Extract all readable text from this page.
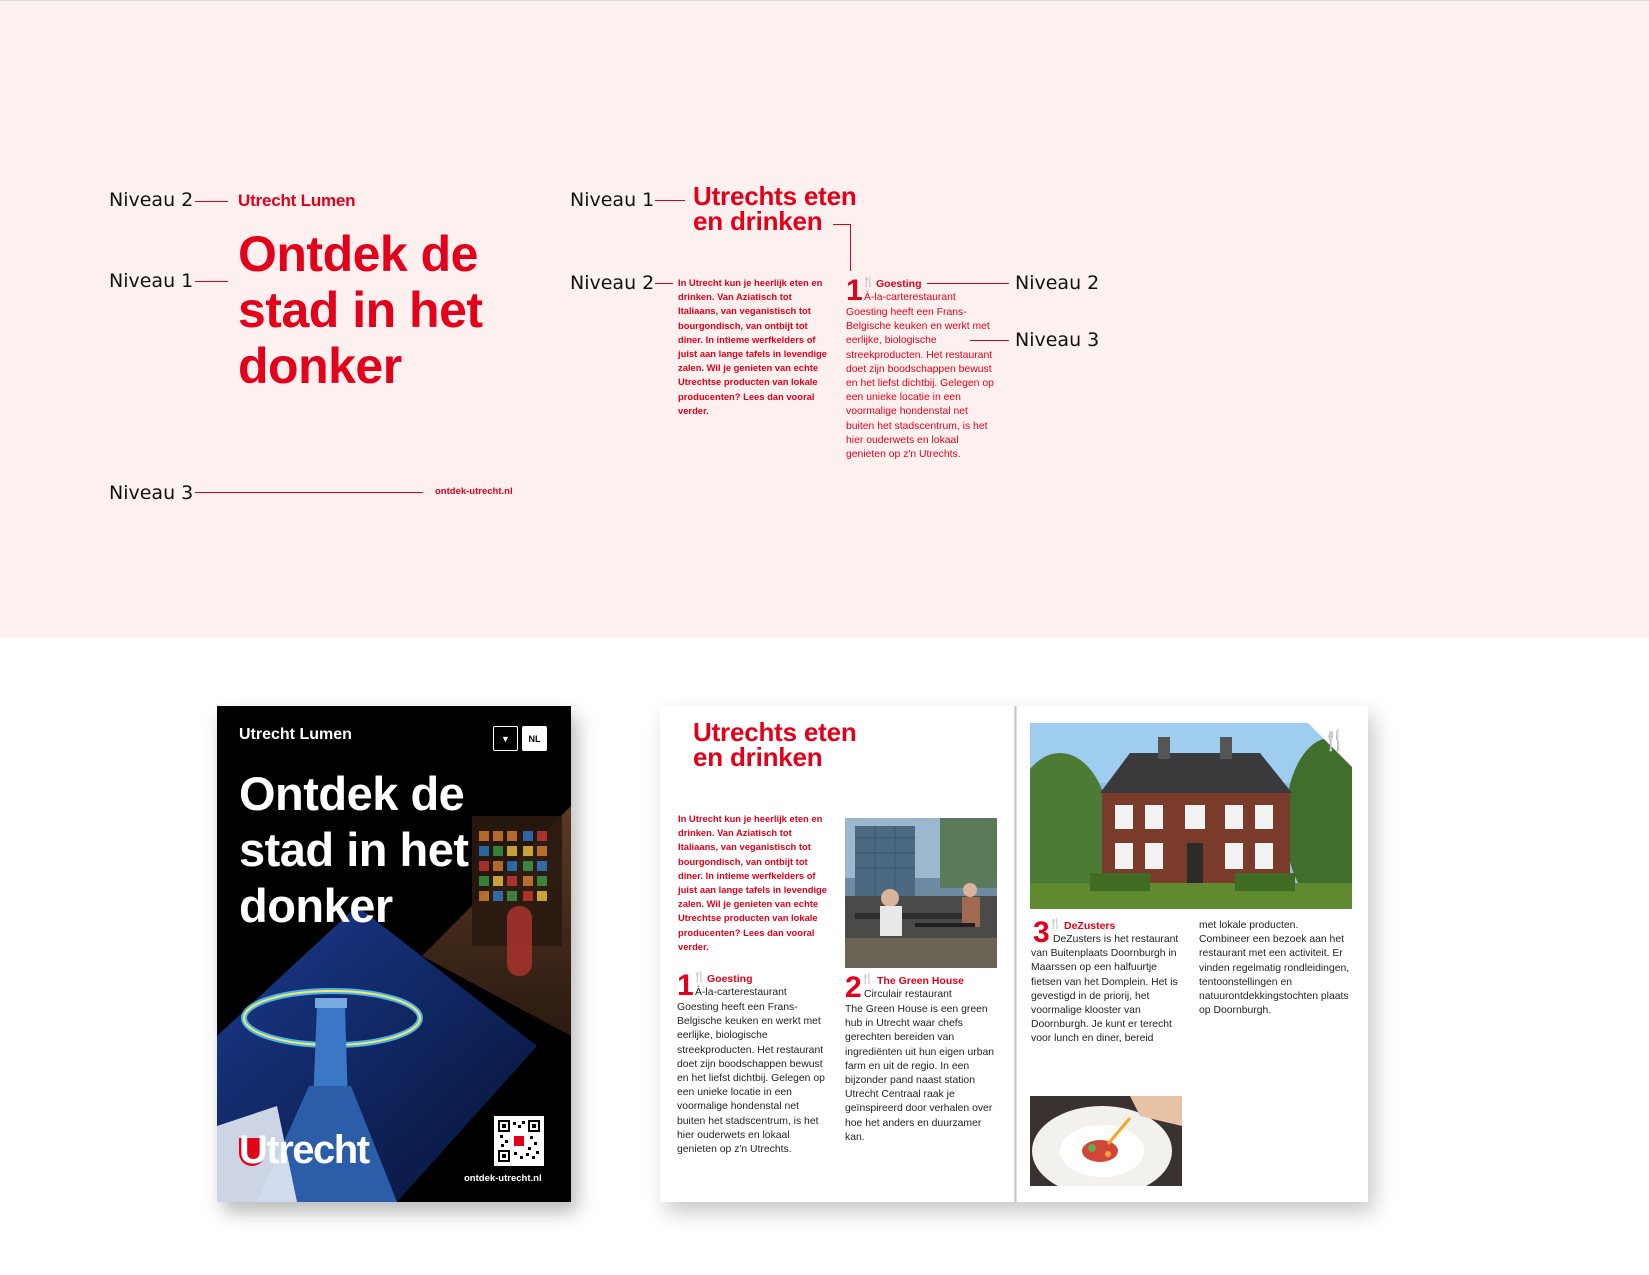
Niveau 2	Utrecht Lumen
Niveau 1 Ontdek de stad in het donker
Niveau 3	ontdek-utrecht.nl
Niveau 1 Utrechts eten
en drinken
Niveau 2	In Utrecht kun je heerlijk eten en drinken. Van Aziatisch tot Italiaans, van veganistisch tot bourgondisch, van ontbijt tot diner. In intieme werfkelders of juist aan lange tafels in levendige zalen. Wil je genieten van echte Utrechtse producten van lokale producenten? Lees dan vooral verder.
1 🍴 Goesting
À-la-carterestaurant
Goesting heeft een Frans-Belgische keuken en werkt met eerlijke, biologische streekproducten. Het restaurant doet zijn boodschappen bewust en het liefst dichtbij. Gelegen op een unieke locatie in een voormalige hondenstal net buiten het stadscentrum, is het hier ouderwets en lokaal genieten op z'n Utrechts.
Niveau 2
Niveau 3
Utrecht Lumen	▼	NL
Ontdek de stad in het donker
ontdek-utrecht.nl
Utrecht
Utrechts eten
en drinken
In Utrecht kun je heerlijk eten en drinken. Van Aziatisch tot Italiaans, van veganistisch tot bourgondisch, van ontbijt tot diner. In intieme werfkelders of juist aan lange tafels in levendige zalen. Wil je genieten van echte Utrechtse producten van lokale producenten? Lees dan vooral verder.
1 🍴 Goesting
À-la-carterestaurant
Goesting heeft een Frans-Belgische keuken en werkt met eerlijke, biologische streekproducten. Het restaurant doet zijn boodschappen bewust en het liefst dichtbij. Gelegen op een unieke locatie in een voormalige hondenstal net buiten het stadscentrum, is het hier ouderwets en lokaal genieten op z'n Utrechts.
2 🍴 The Green House
Circulair restaurant
The Green House is een green hub in Utrecht waar chefs gerechten bereiden van ingrediënten uit hun eigen urban farm en uit de regio. In een bijzonder pand naast station Utrecht Centraal raak je geïnspireerd door verhalen over hoe het anders en duurzamer kan.
🍴
3 🍴 DeZusters
DeZusters is het restaurant van Buitenplaats Doornburgh in Maarssen op een halfuurtje fietsen van het Domplein. Het is gevestigd in de priorij, het voormalige klooster van Doornburgh. Je kunt er terecht voor lunch en diner, bereid
met lokale producten. Combineer een bezoek aan het restaurant met een activiteit. Er vinden regelmatig rondleidingen, tentoonstellingen en natuurontdekkingstochten plaats op Doornburgh.
